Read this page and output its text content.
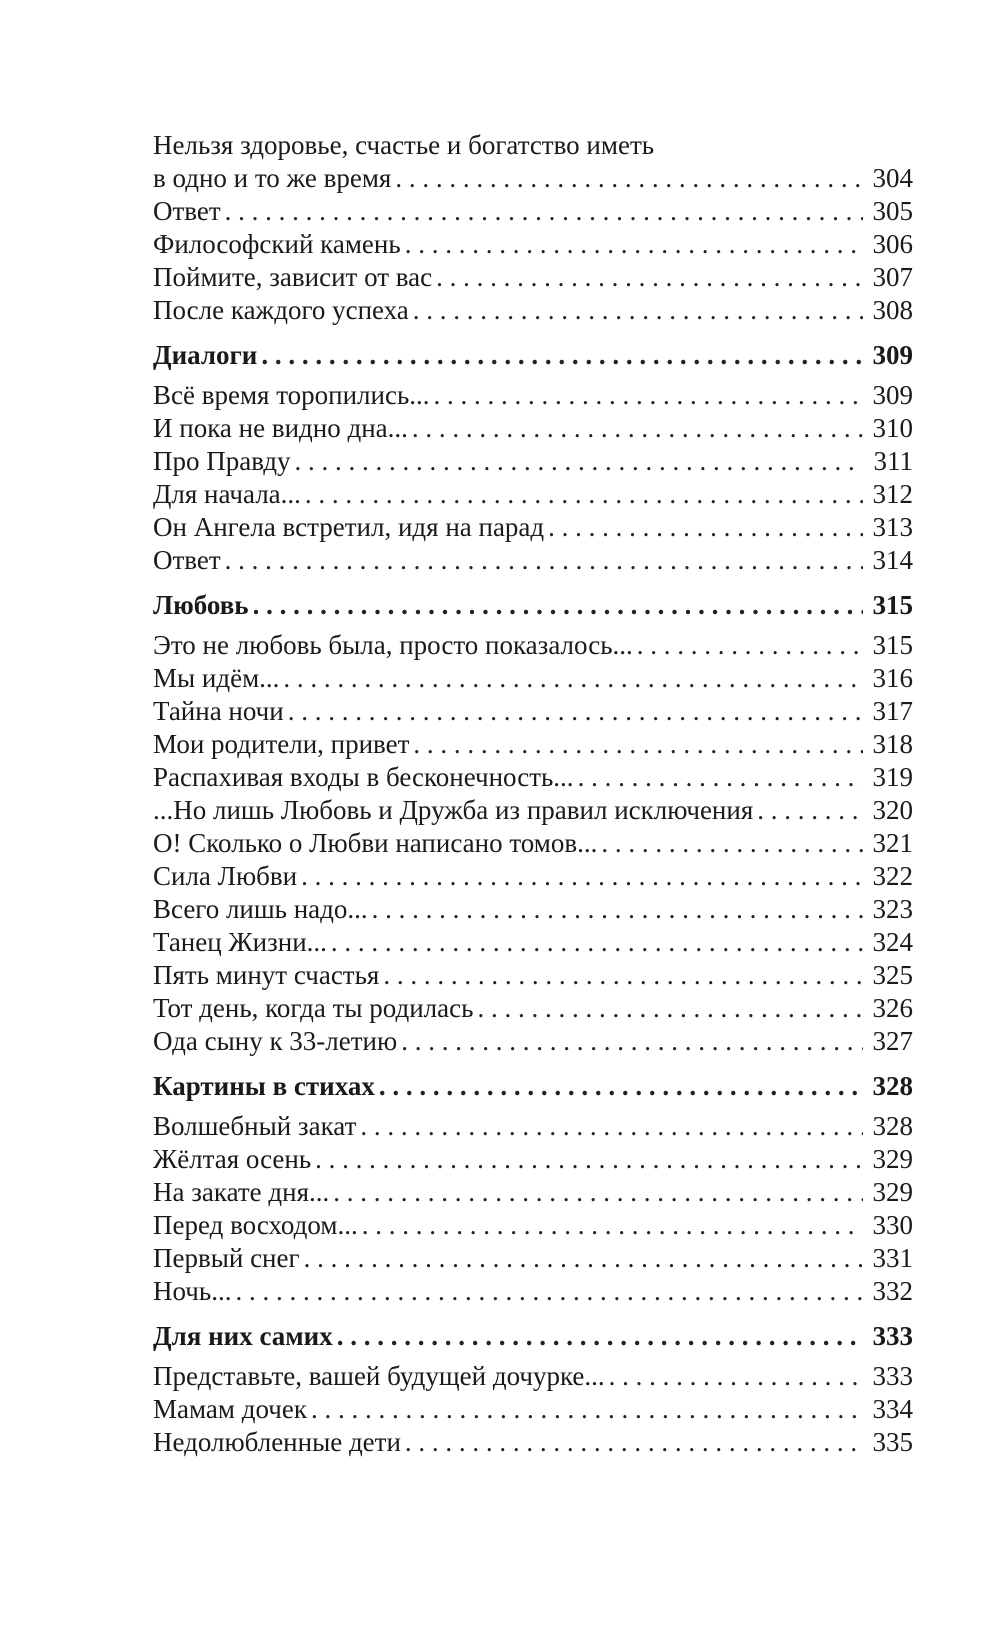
Нельзя здоровье, счастье и богатство иметь
в одно и то же время . . .	304
Ответ . . .	305
Философский камень . . .	306
Поймите, зависит от вас . . .	307
После каждого успеха . . .	308
Диалоги . . .	309
Всё время торопились... . . .	309
И пока не видно дна... . . .	310
Про Правду . . .	311
Для начала... . . .	312
Он Ангела встретил, идя на парад . . .	313
Ответ . . .	314
Любовь . . .	315
Это не любовь была, просто показалось... . . .	315
Мы идём... . . .	316
Тайна ночи . . .	317
Мои родители, привет . . .	318
Распахивая входы в бесконечность... . . .	319
...Но лишь Любовь и Дружба из правил исключения . . .	320
О! Сколько о Любви написано томов... . . .	321
Сила Любви . . .	322
Всего лишь надо... . . .	323
Танец Жизни... . . .	324
Пять минут счастья . . .	325
Тот день, когда ты родилась . . .	326
Ода сыну к 33-летию . . .	327
Картины в стихах . . .	328
Волшебный закат . . .	328
Жёлтая осень . . .	329
На закате дня... . . .	329
Перед восходом... . . .	330
Первый снег . . .	331
Ночь... . . .	332
Для них самих . . .	333
Представьте, вашей будущей дочурке... . . .	333
Мамам дочек . . .	334
Недолюбленные дети . . .	335
